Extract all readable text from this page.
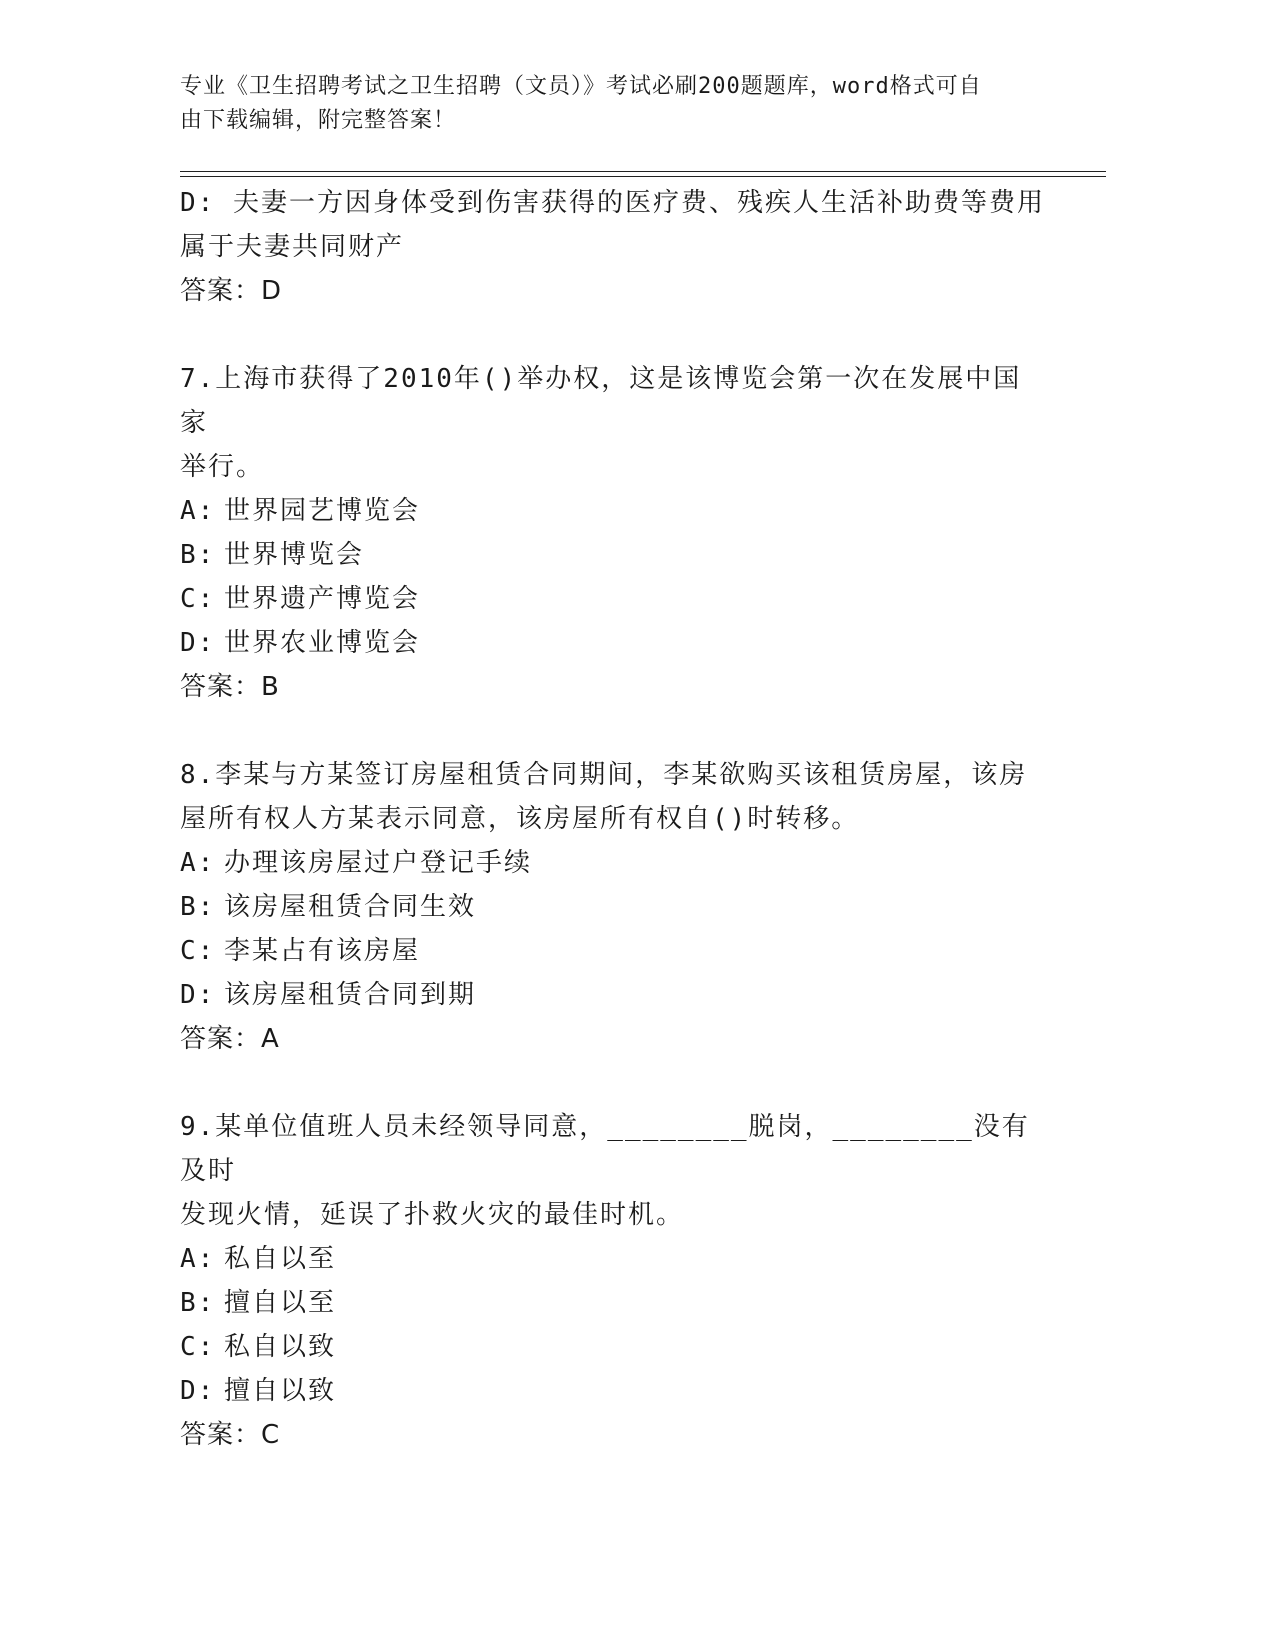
专业《卫生招聘考试之卫生招聘（文员）》考试必刷200题题库，word格式可自
由下载编辑，附完整答案！
D: 夫妻一方因身体受到伤害获得的医疗费、残疾人生活补助费等费用
属于夫妻共同财产
答案：D
7.上海市获得了2010年()举办权，这是该博览会第一次在发展中国家
举行。
A: 世界园艺博览会
B: 世界博览会
C: 世界遗产博览会
D: 世界农业博览会
答案：B
8.李某与方某签订房屋租赁合同期间，李某欲购买该租赁房屋，该房
屋所有权人方某表示同意，该房屋所有权自()时转移。
A: 办理该房屋过户登记手续
B: 该房屋租赁合同生效
C: 李某占有该房屋
D: 该房屋租赁合同到期
答案：A
9.某单位值班人员未经领导同意，________脱岗，________没有及时
发现火情，延误了扑救火灾的最佳时机。
A: 私自以至
B: 擅自以至
C: 私自以致
D: 擅自以致
答案：C
